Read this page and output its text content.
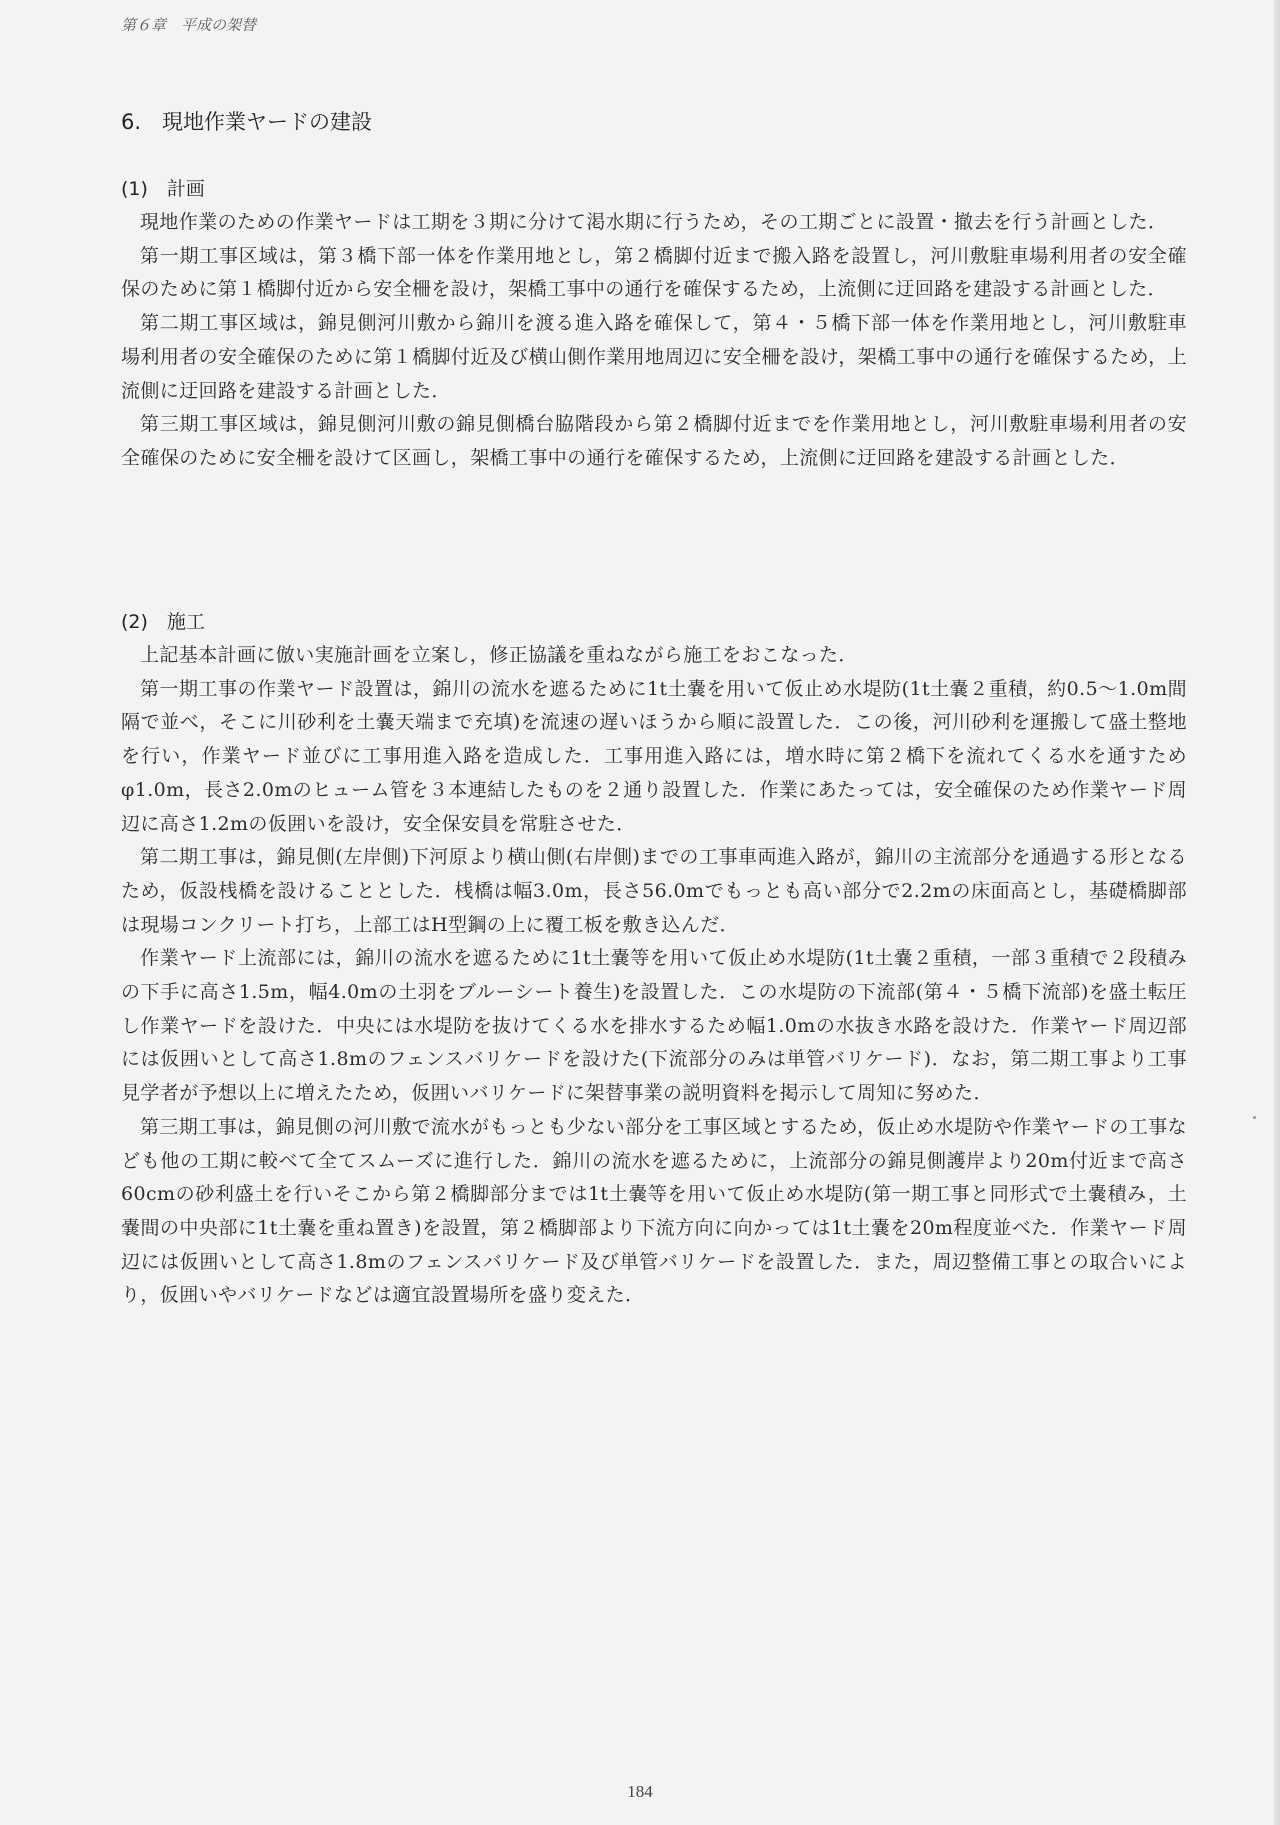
第６章　平成の架替
6.　現地作業ヤードの建設
(1)　計画

現地作業のための作業ヤードは工期を３期に分けて渇水期に行うため，その工期ごとに設置・撤去を行う計画とした．

第一期工事区域は，第３橋下部一体を作業用地とし，第２橋脚付近まで搬入路を設置し，河川敷駐車場利用者の安全確保のために第１橋脚付近から安全柵を設け，架橋工事中の通行を確保するため，上流側に迂回路を建設する計画とした．

第二期工事区域は，錦見側河川敷から錦川を渡る進入路を確保して，第４・５橋下部一体を作業用地とし，河川敷駐車場利用者の安全確保のために第１橋脚付近及び横山側作業用地周辺に安全柵を設け，架橋工事中の通行を確保するため，上流側に迂回路を建設する計画とした．

第三期工事区域は，錦見側河川敷の錦見側橋台脇階段から第２橋脚付近までを作業用地とし，河川敷駐車場利用者の安全確保のために安全柵を設けて区画し，架橋工事中の通行を確保するため，上流側に迂回路を建設する計画とした．

(2)　施工

上記基本計画に倣い実施計画を立案し，修正協議を重ねながら施工をおこなった．

第一期工事の作業ヤード設置は，錦川の流水を遮るために1t土嚢を用いて仮止め水堤防(1t土嚢２重積，約0.5～1.0m間隔で並べ，そこに川砂利を土嚢天端まで充填)を流速の遅いほうから順に設置した．この後，河川砂利を運搬して盛土整地を行い，作業ヤード並びに工事用進入路を造成した．工事用進入路には，増水時に第２橋下を流れてくる水を通すためφ1.0m，長さ2.0mのヒューム管を３本連結したものを２通り設置した．作業にあたっては，安全確保のため作業ヤード周辺に高さ1.2mの仮囲いを設け，安全保安員を常駐させた．

第二期工事は，錦見側(左岸側)下河原より横山側(右岸側)までの工事車両進入路が，錦川の主流部分を通過する形となるため，仮設桟橋を設けることとした．桟橋は幅3.0m，長さ56.0mでもっとも高い部分で2.2mの床面高とし，基礎橋脚部は現場コンクリート打ち，上部工はH型鋼の上に覆工板を敷き込んだ．

作業ヤード上流部には，錦川の流水を遮るために1t土嚢等を用いて仮止め水堤防(1t土嚢２重積，一部３重積で２段積みの下手に高さ1.5m，幅4.0mの土羽をブルーシート養生)を設置した．この水堤防の下流部(第４・５橋下流部)を盛土転圧し作業ヤードを設けた．中央には水堤防を抜けてくる水を排水するため幅1.0mの水抜き水路を設けた．作業ヤード周辺部には仮囲いとして高さ1.8mのフェンスバリケードを設けた(下流部分のみは単管バリケード)．なお，第二期工事より工事見学者が予想以上に増えたため，仮囲いバリケードに架替事業の説明資料を掲示して周知に努めた．

第三期工事は，錦見側の河川敷で流水がもっとも少ない部分を工事区域とするため，仮止め水堤防や作業ヤードの工事なども他の工期に較べて全てスムーズに進行した．錦川の流水を遮るために，上流部分の錦見側護岸より20m付近まで高さ60cmの砂利盛土を行いそこから第２橋脚部分までは1t土嚢等を用いて仮止め水堤防(第一期工事と同形式で土嚢積み，土嚢間の中央部に1t土嚢を重ね置き)を設置，第２橋脚部より下流方向に向かっては1t土嚢を20m程度並べた．作業ヤード周辺には仮囲いとして高さ1.8mのフェンスバリケード及び単管バリケードを設置した．また，周辺整備工事との取合いにより，仮囲いやバリケードなどは適宜設置場所を盛り変えた．

184
